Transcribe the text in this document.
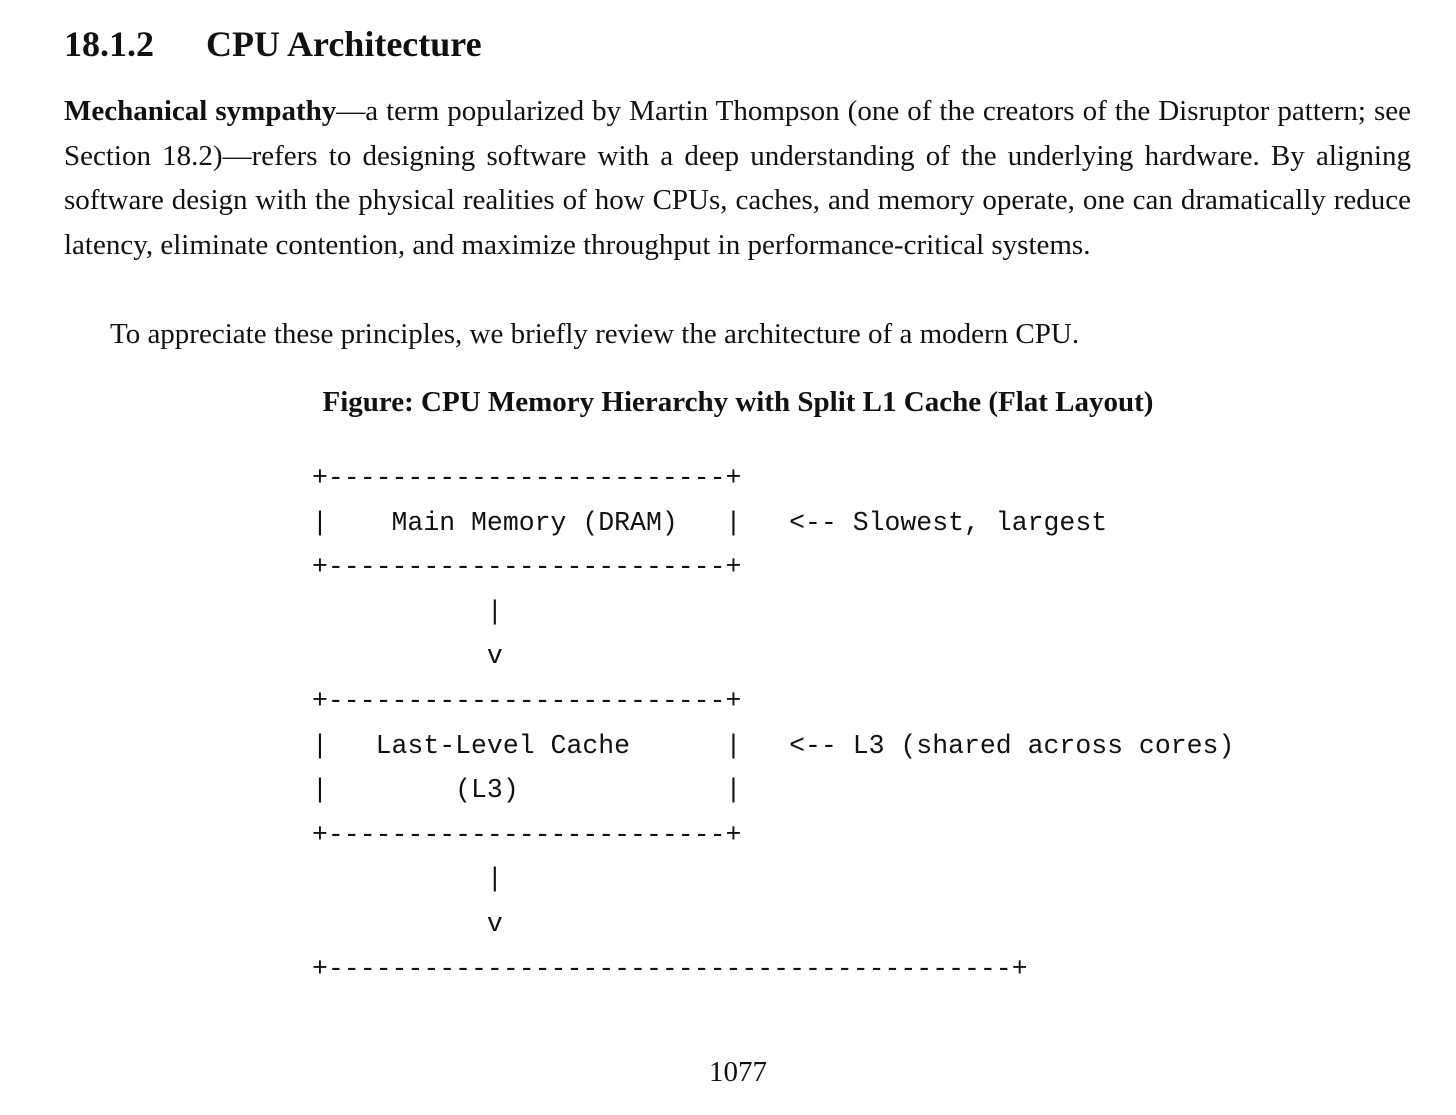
18.1.2 CPU Architecture

Mechanical sympathy—a term popularized by Martin Thompson (one of the creators of the Disruptor pattern; see Section 18.2)—refers to designing software with a deep understanding of the underlying hardware. By aligning software design with the physical realities of how CPUs, caches, and memory operate, one can dramatically reduce latency, eliminate contention, and maximize throughput in performance-critical systems.

To appreciate these principles, we briefly review the architecture of a modern CPU.

Figure: CPU Memory Hierarchy with Split L1 Cache (Flat Layout)

+-------------------------+
|    Main Memory (DRAM)   |   <-- Slowest, largest
+-------------------------+
|
v
+-------------------------+
|   Last-Level Cache      |   <-- L3 (shared across cores)
|        (L3)             |
+-------------------------+
|
v
+-------------------------------------------+
1077
